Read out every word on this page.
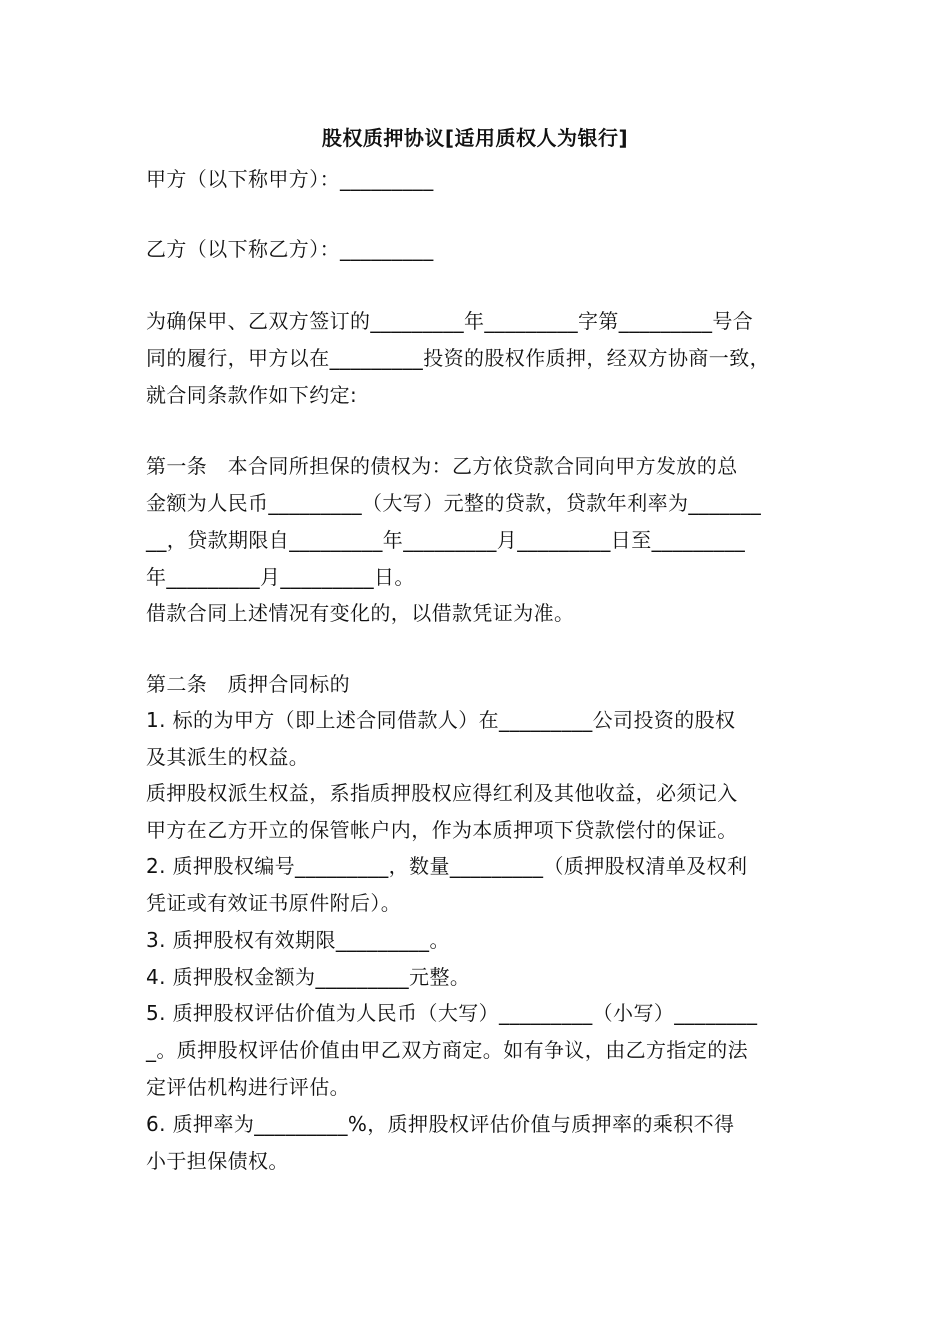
股权质押协议[适用质权人为银行]
甲方（以下称甲方）：_________
乙方（以下称乙方）：_________
为确保甲、乙双方签订的_________年_________字第_________号合
同的履行，甲方以在_________投资的股权作质押，经双方协商一致，
就合同条款作如下约定:
第一条　本合同所担保的债权为：乙方依贷款合同向甲方发放的总
金额为人民币_________（大写）元整的贷款，贷款年利率为_______
__，贷款期限自_________年_________月_________日至_________
年_________月_________日。
借款合同上述情况有变化的，以借款凭证为准。
第二条　质押合同标的
1. 标的为甲方（即上述合同借款人）在_________公司投资的股权
及其派生的权益。
质押股权派生权益，系指质押股权应得红利及其他收益，必须记入
甲方在乙方开立的保管帐户内，作为本质押项下贷款偿付的保证。
2. 质押股权编号_________，数量_________（质押股权清单及权利
凭证或有效证书原件附后）。
3. 质押股权有效期限_________。
4. 质押股权金额为_________元整。
5. 质押股权评估价值为人民币（大写）_________（小写）________
_。质押股权评估价值由甲乙双方商定。如有争议，由乙方指定的法
定评估机构进行评估。
6. 质押率为_________%，质押股权评估价值与质押率的乘积不得
小于担保债权。
